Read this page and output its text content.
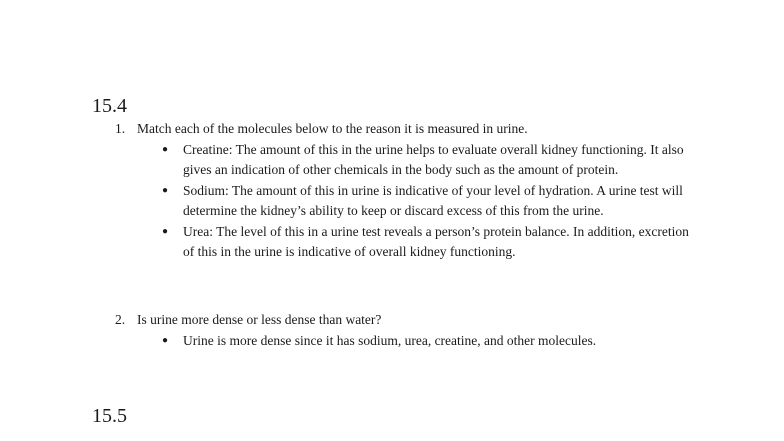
15.4
1. Match each of the molecules below to the reason it is measured in urine.
● Creatine: The amount of this in the urine helps to evaluate overall kidney functioning. It also gives an indication of other chemicals in the body such as the amount of protein.
● Sodium: The amount of this in urine is indicative of your level of hydration. A urine test will determine the kidney’s ability to keep or discard excess of this from the urine.
● Urea: The level of this in a urine test reveals a person’s protein balance. In addition, excretion of this in the urine is indicative of overall kidney functioning.
2. Is urine more dense or less dense than water?
● Urine is more dense since it has sodium, urea, creatine, and other molecules.
15.5
